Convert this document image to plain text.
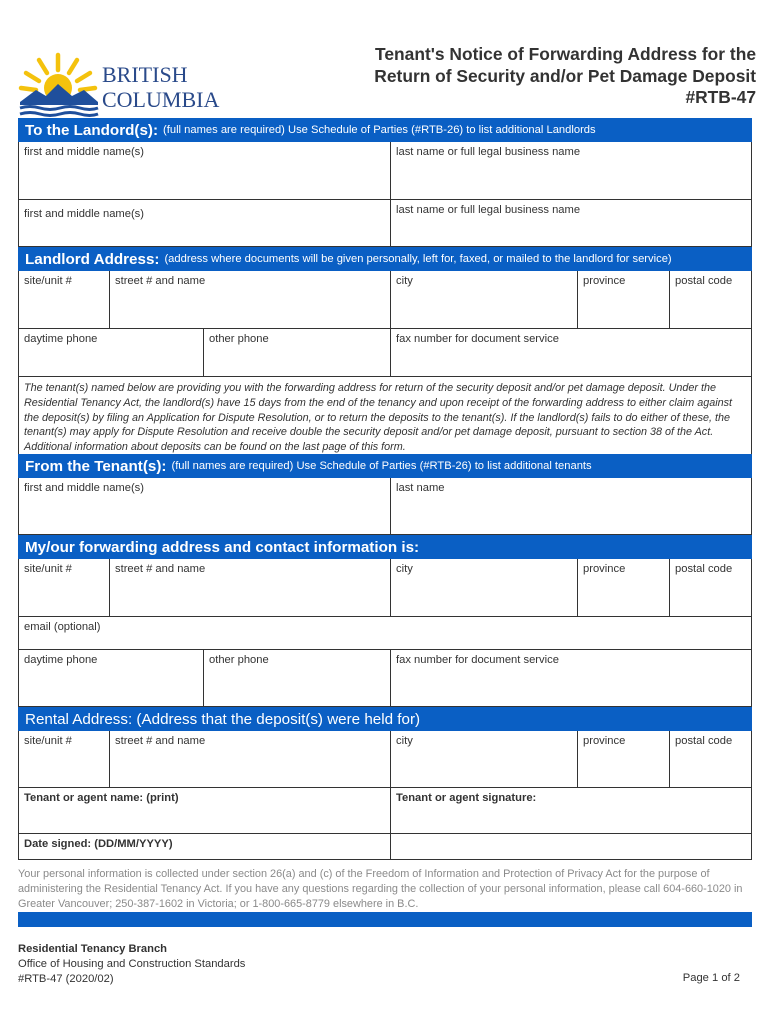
BRITISH
COLUMBIA
Tenant's Notice of Forwarding Address for the
Return of Security and/or Pet Damage Deposit
#RTB-47
To the Landord(s): (full names are required) Use Schedule of Parties (#RTB-26) to list additional Landlords
first and middle name(s)	last name or full legal business name
first and middle name(s)	last name or full legal business name
Landlord Address: (address where documents will be given personally, left for, faxed, or mailed to the landlord for service)
site/unit #	street # and name	city	province	postal code
daytime phone	other phone	fax number for document service
The tenant(s) named below are providing you with the forwarding address for return of the security deposit and/or pet damage deposit. Under the Residential Tenancy Act, the landlord(s) have 15 days from the end of the tenancy and upon receipt of the forwarding address to either claim against the deposit(s) by filing an Application for Dispute Resolution, or to return the deposits to the tenant(s). If the landlord(s) fails to do either of these, the tenant(s) may apply for Dispute Resolution and receive double the security deposit and/or pet damage deposit, pursuant to section 38 of the Act. Additional information about deposits can be found on the last page of this form.
From the Tenant(s): (full names are required) Use Schedule of Parties (#RTB-26) to list additional tenants
first and middle name(s)	last name
My/our forwarding address and contact information is:
site/unit #	street # and name	city	province	postal code
email (optional)
daytime phone	other phone	fax number for document service
Rental Address: (Address that the deposit(s) were held for)
site/unit #	street # and name	city	province	postal code
Tenant or agent name: (print)	Tenant or agent signature:
Date signed: (DD/MM/YYYY)
Your personal information is collected under section 26(a) and (c) of the Freedom of Information and Protection of Privacy Act for the purpose of administering the Residential Tenancy Act. If you have any questions regarding the collection of your personal information, please call 604-660-1020 in Greater Vancouver; 250-387-1602 in Victoria; or 1-800-665-8779 elsewhere in B.C.
Residential Tenancy Branch
Office of Housing and Construction Standards
#RTB-47 (2020/02)	Page 1 of 2
